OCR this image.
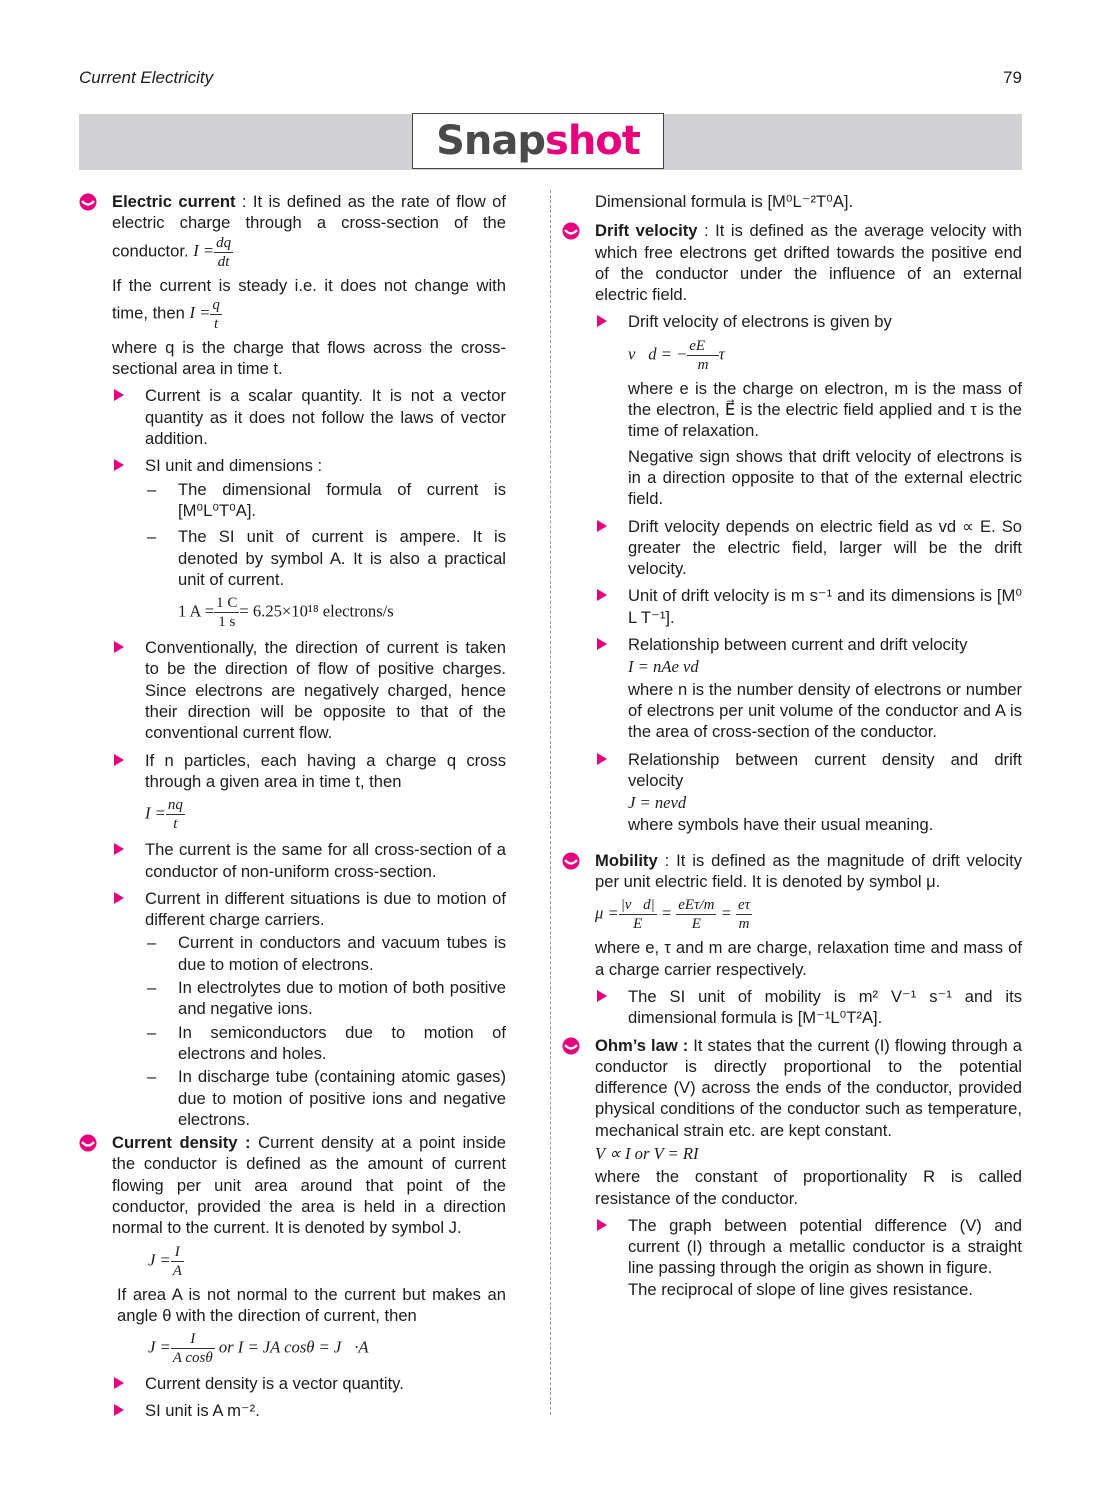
Current Electricity	79
Snapshot

Electric current : It is defined as the rate of flow of electric charge through a cross-section of the conductor. $I = \frac{dq}{dt}$

If the current is steady i.e. it does not change with time, then $I = \frac{q}{t}$

where q is the charge that flows across the cross-sectional area in time t.

Current is a scalar quantity. It is not a vector quantity as it does not follow the laws of vector addition.
SI unit and dimensions :
– The dimensional formula of current is [M⁰L⁰T⁰A].
– The SI unit of current is ampere. It is denoted by symbol A. It is also a practical unit of current.
1 $A = \frac{1 C}{1 s} = 6.25\times 10^{18}$ electrons/s
Conventionally, the direction of current is taken to be the direction of flow of positive charges. Since electrons are negatively charged, hence their direction will be opposite to that of the conventional current flow.
If n particles, each having a charge q cross through a given area in time t, then
$I = \frac{nq}{t}$
The current is the same for all cross-section of a conductor of non-uniform cross-section.
Current in different situations is due to motion of different charge carriers.
– Current in conductors and vacuum tubes is due to motion of electrons.
– In electrolytes due to motion of both positive and negative ions.
– In semiconductors due to motion of electrons and holes.
– In discharge tube (containing atomic gases) due to motion of positive ions and negative electrons.

Current density : Current density at a point inside the conductor is defined as the amount of current flowing per unit area around that point of the conductor, provided the area is held in a direction normal to the current. It is denoted by symbol J.

$J = \frac{I}{A}$

If area A is not normal to the current but makes an angle θ with the direction of current, then

$J = \frac{I}{\text{A cosθ}}$ or I = JA cosθ = J⃗·A⃗
Current density is a vector quantity.
SI unit is A m⁻².

Dimensional formula is [M⁰L⁻²T⁰A].

Drift velocity : It is defined as the average velocity with which free electrons get drifted towards the positive end of the conductor under the influence of an external electric field.

Drift velocity of electrons is given by
v⃗d = − $\frac{eE⃗}{m}$ τ

where e is the charge on electron, m is the mass of the electron, E⃗ is the electric field applied and τ is the time of relaxation.

Negative sign shows that drift velocity of electrons is in a direction opposite to that of the external electric field.

Drift velocity depends on electric field as vd ∝ E. So greater the electric field, larger will be the drift velocity.
Unit of drift velocity is m s⁻¹ and its dimensions is [M⁰ L T⁻¹].
Relationship between current and drift velocity
I = nAe vd

where n is the number density of electrons or number of electrons per unit volume of the conductor and A is the area of cross-section of the conductor.

Relationship between current density and drift velocity
J = nevd

where symbols have their usual meaning.

Mobility : It is defined as the magnitude of drift velocity per unit electric field. It is denoted by symbol μ.

$\mu = \frac{|v⃗d|}{E} = eE\tau/m$
E
= $\frac{e\tau}{m}$

where e, τ and m are charge, relaxation time and mass of a charge carrier respectively.

The SI unit of mobility is m² V⁻¹ s⁻¹ and its dimensional formula is [M⁻¹L⁰T²A].

Ohm’s law : It states that the current (I) flowing through a conductor is directly proportional to the potential difference (V) across the ends of the conductor, provided physical conditions of the conductor such as temperature, mechanical strain etc. are kept constant.

V ∝ I or V = RI

where the constant of proportionality R is called resistance of the conductor.

The graph between potential difference (V) and current (I) through a metallic conductor is a straight line passing through the origin as shown in figure.

The reciprocal of slope of line gives resistance.
